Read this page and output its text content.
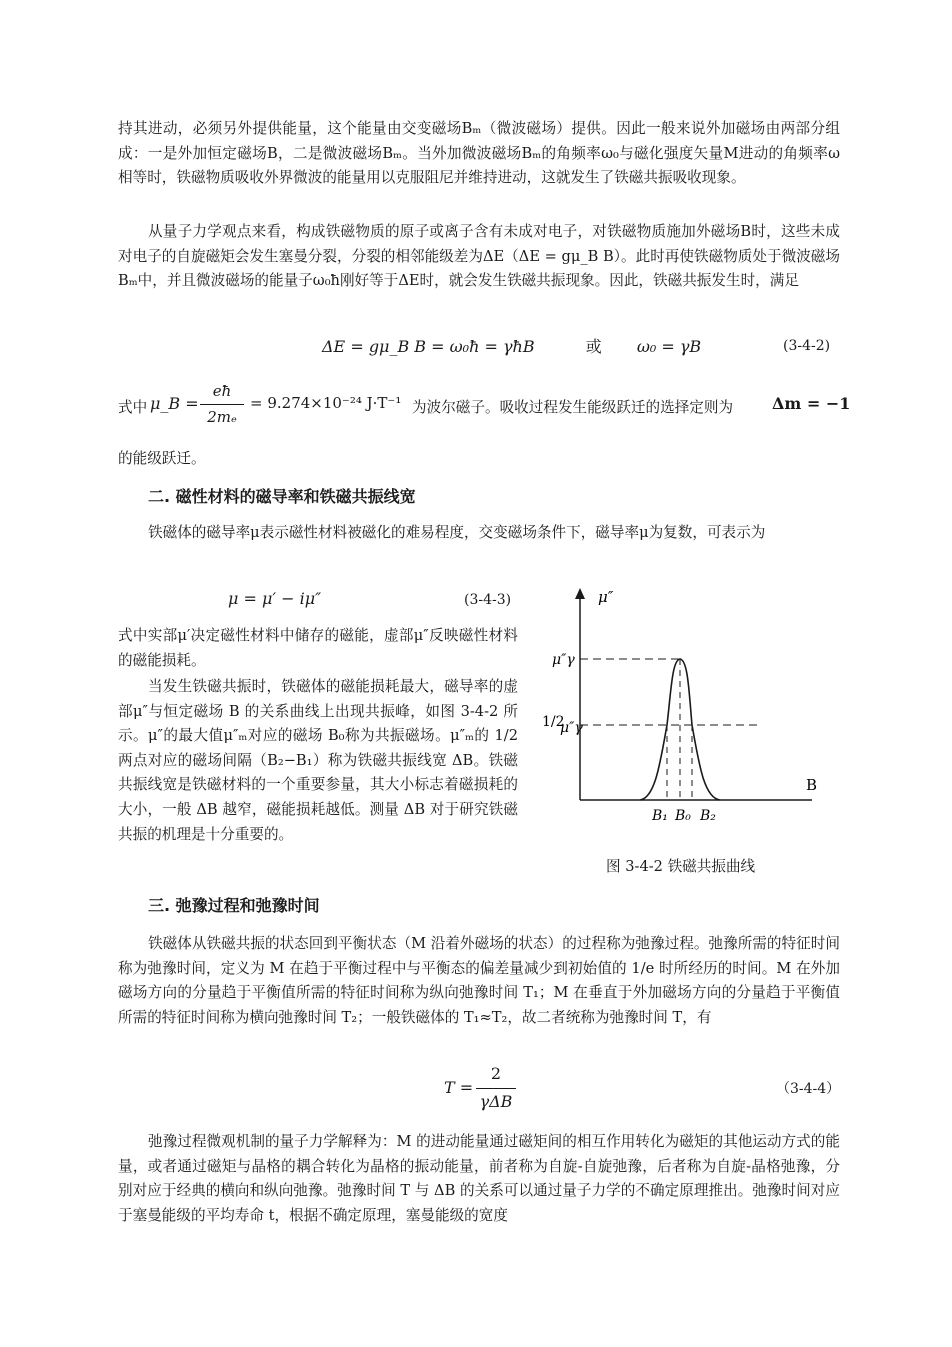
持其进动，必须另外提供能量，这个能量由交变磁场Bₘ（微波磁场）提供。因此一般来说外加磁场由两部分组成：一是外加恒定磁场B，二是微波磁场Bₘ。当外加微波磁场Bₘ的角频率ω₀与磁化强度矢量M进动的角频率ω相等时，铁磁物质吸收外界微波的能量用以克服阻尼并维持进动，这就发生了铁磁共振吸收现象。

从量子力学观点来看，构成铁磁物质的原子或离子含有未成对电子，对铁磁物质施加外磁场B时，这些未成对电子的自旋磁矩会发生塞曼分裂，分裂的相邻能级差为ΔE（ΔE = gμ_B B）。此时再使铁磁物质处于微波磁场Bₘ中，并且微波磁场的能量子ω₀ħ刚好等于ΔE时，就会发生铁磁共振现象。因此，铁磁共振发生时，满足

ΔE = gμ_B B = ω₀ħ = γħB	或 ω₀ = γB	(3-4-2)
式中 μ_B =
eħ
2mₑ
= 9.274×10⁻²⁴ J·T⁻¹ 为波尔磁子。吸收过程发生能级跃迁的选择定则为 Δm = −1

的能级跃迁。

二. 磁性材料的磁导率和铁磁共振线宽

铁磁体的磁导率μ表示磁性材料被磁化的难易程度，交变磁场条件下，磁导率μ为复数，可表示为

μ = μ′ − iμ″	(3-4-3)

式中实部μ′决定磁性材料中储存的磁能，虚部μ″反映磁性材料的磁能损耗。

当发生铁磁共振时，铁磁体的磁能损耗最大，磁导率的虚部μ″与恒定磁场 B 的关系曲线上出现共振峰，如图 3-4-2 所示。μ″的最大值μ″ₘ对应的磁场 B₀称为共振磁场。μ″ₘ的 1/2 两点对应的磁场间隔（B₂−B₁）称为铁磁共振线宽 ΔB。铁磁共振线宽是铁磁材料的一个重要参量，其大小标志着磁损耗的大小，一般 ΔB 越窄，磁能损耗越低。测量 ΔB 对于研究铁磁共振的机理是十分重要的。

μ″
B
μ″γ
1/2
μ″γ
B₁ B₀ B₂
图 3-4-2 铁磁共振曲线
三. 弛豫过程和弛豫时间

铁磁体从铁磁共振的状态回到平衡状态（M 沿着外磁场的状态）的过程称为弛豫过程。弛豫所需的特征时间称为弛豫时间，定义为 M 在趋于平衡过程中与平衡态的偏差量减少到初始值的 1/e 时所经历的时间。M 在外加磁场方向的分量趋于平衡值所需的特征时间称为纵向弛豫时间 T₁；M 在垂直于外加磁场方向的分量趋于平衡值所需的特征时间称为横向弛豫时间 T₂；一般铁磁体的 T₁≈T₂，故二者统称为弛豫时间 T，有

T =
2
γΔB
（3-4-4）

弛豫过程微观机制的量子力学解释为：M 的进动能量通过磁矩间的相互作用转化为磁矩的其他运动方式的能量，或者通过磁矩与晶格的耦合转化为晶格的振动能量，前者称为自旋-自旋弛豫，后者称为自旋-晶格弛豫，分别对应于经典的横向和纵向弛豫。弛豫时间 T 与 ΔB 的关系可以通过量子力学的不确定原理推出。弛豫时间对应于塞曼能级的平均寿命 t，根据不确定原理，塞曼能级的宽度
